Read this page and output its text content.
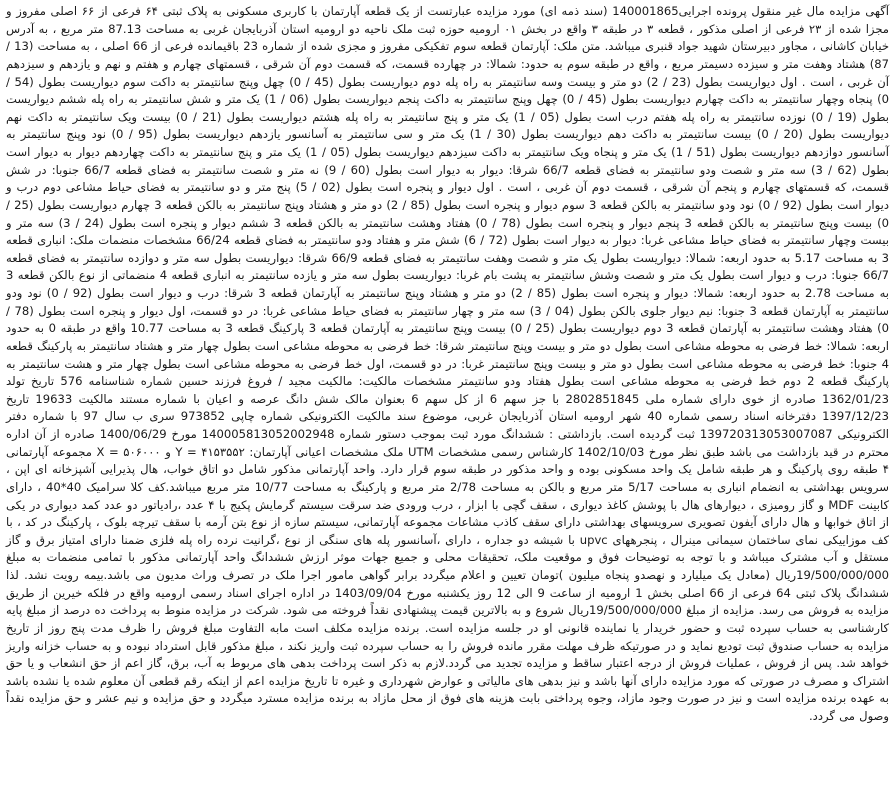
آگهی مزایده مال غیر منقول پرونده اجرایی140001865 (سند ذمه ای) مورد مزایده عبارتست از یک قطعه آپارتمان با کاربری مسکونی به پلاک ثبتی ۶۴ فرعی از ۶۶ اصلی مفروز و مجزا شده از ۲۳ فرعی از اصلی مذکور ، قطعه ۳ در طبقه ۳ واقع در بخش ۰۱ ارومیه حوزه ثبت ملک ناحیه دو ارومیه استان آذربایجان غربی به مساحت 87.13 متر مربع ، به آدرس خیابان کاشانی ، مجاور دبیرستان شهید جواد قنبری میباشد. متن ملک: آپارتمان قطعه سوم تفکیکی مفروز و مجزی شده از شماره 23 باقیمانده فرعی از 66 اصلی ، به مساحت (13 / 87) هشتاد وهفت متر و سیزده دسیمتر مربع ، واقع در طبقه سوم به حدود: شمالا: در چهارده قسمت، که قسمت دوم آن شرقی ، قسمتهای چهارم و هفتم و نهم و یازدهم و سیزدهم آن غربی ، است . اول دیواریست بطول (23 / 2) دو متر و بیست وسه سانتیمتر به راه پله دوم دیواریست بطول (45 / 0) چهل وپنج سانتیمتر به داکت سوم دیواریست بطول (54 / 0) پنجاه وچهار سانتیمتر به داکت چهارم دیواریست بطول (45 / 0) چهل وپنج سانتیمتر به داکت پنجم دیواریست بطول (06 / 1) یک متر و شش سانتیمتر به راه پله ششم دیواریست بطول (19 / 0) نوزده سانتیمتر به راه پله هفتم درب است بطول (05 / 1) یک متر و پنج سانتیمتر به راه پله هشتم دیواریست بطول (21 / 0) بیست ویک سانتیمتر به داکت نهم دیواریست بطول (20 / 0) بیست سانتیمتر به داکت دهم دیواریست بطول (30 / 1) یک متر و سی سانتیمتر به آسانسور یازدهم دیواریست بطول (95 / 0) نود وپنج سانتیمتر به آسانسور دوازدهم دیواریست بطول (51 / 1) یک متر و پنجاه ویک سانتیمتر به داکت سیزدهم دیواریست بطول (05 / 1) یک متر و پنج سانتیمتر به داکت چهاردهم دیوار به دیوار است بطول (62 / 3) سه متر و شصت ودو سانتیمتر به فضای قطعه 66/7 شرقا: دیوار به دیوار است بطول (60 / 9) نه متر و شصت سانتیمتر به فضای قطعه 66/7 جنوبا: در شش قسمت، که قسمتهای چهارم و پنجم آن شرقی ، قسمت دوم آن غربی ، است . اول دیوار و پنجره است بطول (02 / 5) پنج متر و دو سانتیمتر به فضای حیاط مشاعی دوم درب و دیوار است بطول (92 / 0) نود ودو سانتیمتر به بالکن قطعه 3 سوم دیوار و پنجره است بطول (85 / 2) دو متر و هشتاد وپنج سانتیمتر به بالکن قطعه 3 چهارم دیواریست بطول (25 / 0) بیست وپنج سانتیمتر به بالکن قطعه 3 پنجم دیوار و پنجره است بطول (78 / 0) هفتاد وهشت سانتیمتر به بالکن قطعه 3 ششم دیوار و پنجره است بطول (24 / 3) سه متر و بیست وچهار سانتیمتر به فضای حیاط مشاعی غربا: دیوار به دیوار است بطول (72 / 6) شش متر و هفتاد ودو سانتیمتر به فضای قطعه 66/24 مشخصات منضمات ملک: انباری قطعه 3 به مساحت 5.17 به حدود اربعه: شمالا: دیواریست بطول یک متر و شصت وهفت سانتیمتر به فضای قطعه 66/9 شرقا: دیواریست بطول سه متر و دوازده سانتیمتر به فضای قطعه 66/7 جنوبا: درب و دیوار است بطول یک متر و شصت وشش سانتیمتر به پشت بام غربا: دیواریست بطول سه متر و یازده سانتیمتر به انباری قطعه 4 منضماتی از نوع بالکن قطعه 3 به مساحت 2.78 به حدود اربعه: شمالا: دیوار و پنجره است بطول (85 / 2) دو متر و هشتاد وپنج سانتیمتر به آپارتمان قطعه 3 شرقا: درب و دیوار است بطول (92 / 0) نود ودو سانتیمتر به آپارتمان قطعه 3 جنوبا: نیم دیوار جلوی بالکن بطول (04 / 3) سه متر و چهار سانتیمتر به فضای حیاط مشاعی غربا: در دو قسمت، اول دیوار و پنجره است بطول (78 / 0) هفتاد وهشت سانتیمتر به آپارتمان قطعه 3 دوم دیواریست بطول (25 / 0) بیست وپنج سانتیمتر به آپارتمان قطعه 3 پارکینگ قطعه 3 به مساحت 10.77 واقع در طبقه 0 به حدود اربعه: شمالا: خط فرضی به محوطه مشاعی است بطول دو متر و بیست وپنج سانتیمتر شرقا: خط فرضی به محوطه مشاعی است بطول چهار متر و هشتاد سانتیمتر به پارکینگ قطعه 4 جنوبا: خط فرضی به محوطه مشاعی است بطول دو متر و بیست وپنج سانتیمتر غربا: در دو قسمت، اول خط فرضی به محوطه مشاعی است بطول چهار متر و هشت سانتیمتر به پارکینگ قطعه 2 دوم خط فرضی به محوطه مشاعی است بطول هفتاد ودو سانتیمتر مشخصات مالکیت: مالکیت مجید / فروغ فرزند حسین شماره شناسنامه 576 تاریخ تولد 1362/01/23 صادره از خوی دارای شماره ملی 2802851845 با جز سهم 6 از کل سهم 6 بعنوان مالک شش دانگ عرصه و اعیان با شماره مستند مالکیت 19633 تاریخ 1397/12/23 دفترخانه اسناد رسمی شماره 40 شهر ارومیه استان آذربایجان غربی، موضوع سند مالکیت الکترونیکی شماره چاپی 973852 سری ب سال 97 با شماره دفتر الکترونیکی 139720313053007087 ثبت گردیده است. بازداشتی : ششدانگ مورد ثبت بموجب دستور شماره 140005813052002948 مورخ 1400/06/29 صادره از آن اداره محترم در قید بازداشت می باشد طبق نظر مورخ 1402/10/03 کارشناس رسمی مشخصات UTM ملک مشخصات اعیانی آپارتمان: Y = ۴۱۵۳۵۵۲ و X = ۵۰۶۰۰۰ مجموعه آپارتمانی ۴ طبقه روی پارکینگ و هر طبقه شامل یک واحد مسکونی بوده و واحد مذکور در طبقه سوم قرار دارد. واحد آپارتمانی مذکور شامل دو اتاق خواب، هال پذیرایی آشپزخانه ای اپن ، سرویس بهداشتی به انضمام انباری به مساحت 5/17 متر مربع و بالکن به مساحت 2/78 متر مربع و پارکینگ به مساحت 10/77 متر مربع میباشد.کف کلا سرامیک 40*40 ، دارای کابینت MDF و گاز رومیزی ، دیوارهای هال با پوشش کاغذ دیواری ، سقف گچی با ابزار ، درب ورودی ضد سرقت سیستم گرمایش پکیج با ۴ عدد ،رادیاتور دو عدد کمد دیواری در یکی از اتاق خوابها و هال دارای آیفون تصویری سرویسهای بهداشتی دارای سقف کاذب مشاعات مجموعه آپارتمانی، سیستم سازه از نوع بتن آرمه با سقف تیرچه بلوک ، پارکینگ در کد ، با کف موزاییکی نمای ساختمان سیمانی مینرال ، پنجرههای upvc با شیشه دو جداره ، دارای ،آسانسور پله های سنگی از نوع ،گرانیت نرده راه پله فلزی ضمنا دارای امتیاز برق و گاز مستقل و آب مشترک میباشد و با توجه به توضیحات فوق و موقعیت ملک، تحقیقات محلی و جمیع جهات موثر ارزش ششدانگ واحد آپارتمانی مذکور با تمامی منضمات به مبلغ 19/500/000/000ریال (معادل یک میلیارد و نهصدو پنجاه میلیون )تومان تعیین و اعلام میگردد برابر گواهی مامور اجرا ملک در تصرف وراث مدیون می باشد.بیمه رویت نشد. لذا ششدانگ پلاک ثبتی 64 فرعی از 66 اصلی بخش 1 ارومیه از ساعت 9 الی 12 روز یکشنبه مورخ 1403/09/04 در اداره اجرای اسناد رسمی ارومیه واقع در فلکه خیرین از طریق مزایده به فروش می رسد. مزایده از مبلغ 19/500/000/000ریال شروع و به بالاترین قیمت پیشنهادی نقداً فروخته می شود. شرکت در مزایده منوط به پرداخت ده درصد از مبلغ پایه کارشناسی به حساب سپرده ثبت و حضور خریدار یا نماینده قانونی او در جلسه مزایده است. برنده مزایده مکلف است مابه التفاوت مبلغ فروش را ظرف مدت پنج روز از تاریخ مزایده به حساب صندوق ثبت تودیع نماید و در صورتیکه ظرف مهلت مقرر مانده فروش را به حساب سپرده ثبت واریز نکند ، مبلغ مذکور قابل استرداد نبوده و به حساب خزانه واریز خواهد شد. پس از فروش ، عملیات فروش از درجه اعتبار ساقط و مزایده تجدید می گردد.لازم به ذکر است پرداخت بدهی های مربوط به آب، برق، گاز اعم از حق انشعاب و یا حق اشتراک و مصرف در صورتی که مورد مزایده دارای آنها باشد و نیز بدهی های مالیاتی و عوارض شهرداری و غیره تا تاریخ مزایده اعم از اینکه رقم قطعی آن معلوم شده یا نشده باشد به عهده برنده مزایده است و نیز در صورت وجود مازاد، وجوه پرداختی بابت هزینه های فوق از محل مازاد به برنده مزایده مسترد میگردد و حق مزایده و نیم عشر و حق مزایده نقداً وصول می گردد.
